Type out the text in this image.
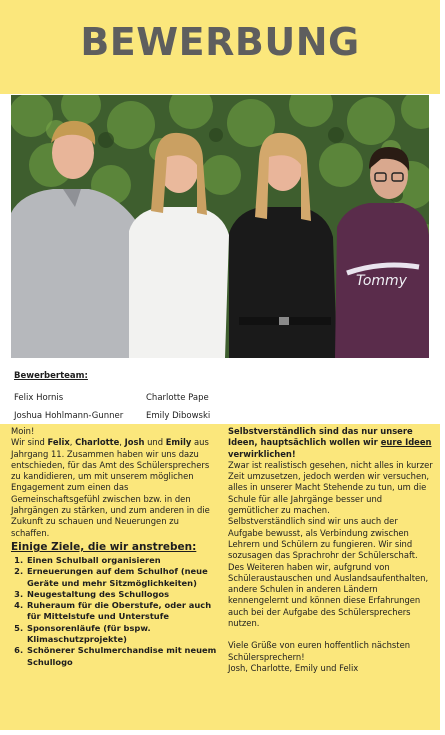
BEWERBUNG
Tommy
Bewerberteam:
Felix Hornis	Charlotte Pape
Joshua Hohlmann-Gunner	Emily Dibowski

Moin!

Wir sind Felix, Charlotte, Josh und Emily aus Jahrgang 11. Zusammen haben wir uns dazu entschieden, für das Amt des Schülersprechers zu kandidieren, um mit unserem möglichen Engagement zum einen das Gemeinschaftsgefühl zwischen bzw. in den Jahrgängen zu stärken, und zum anderen in die Zukunft zu schauen und Neuerungen zu schaffen.

Einige Ziele, die wir anstreben:
1. Einen Schulball organisieren
2. Erneuerungen auf dem Schulhof (neue Geräte und mehr Sitzmöglichkeiten)
3. Neugestaltung des Schullogos
4. Ruheraum für die Oberstufe, oder auch für Mittelstufe und Unterstufe
5. Sponsorenläufe (für bspw. Klimaschutzprojekte)
6. Schönerer Schulmerchandise mit neuem Schullogo

Selbstverständlich sind das nur unsere Ideen, hauptsächlich wollen wir eure Ideen verwirklichen!

Zwar ist realistisch gesehen, nicht alles in kurzer Zeit umzusetzen, jedoch werden wir versuchen, alles in unserer Macht Stehende zu tun, um die Schule für alle Jahrgänge besser und gemütlicher zu machen.

Selbstverständlich sind wir uns auch der Aufgabe bewusst, als Verbindung zwischen Lehrern und Schülern zu fungieren. Wir sind sozusagen das Sprachrohr der Schülerschaft. Des Weiteren haben wir, aufgrund von Schüleraustauschen und Auslandsaufenthalten, andere Schulen in anderen Ländern kennengelernt und können diese Erfahrungen auch bei der Aufgabe des Schülersprechers nutzen.

Viele Grüße von euren hoffentlich nächsten Schülersprechern!

Josh, Charlotte, Emily und Felix
